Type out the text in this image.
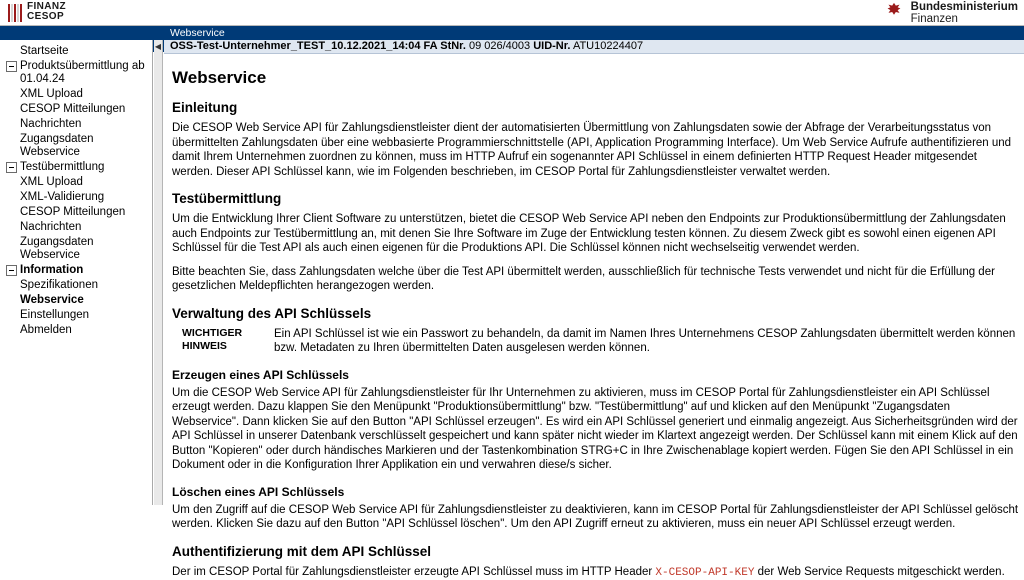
FINANZ
CESOP
Bundesministerium
Finanzen
Webservice
Startseite
Produktsübermittlung ab 01.04.24
XML Upload
CESOP Mitteilungen
Nachrichten
Zugangsdaten Webservice
Testübermittlung
XML Upload
XML-Validierung
CESOP Mitteilungen
Nachrichten
Zugangsdaten Webservice
Information
Spezifikationen
Webservice
Einstellungen
Abmelden
◀ OSS-Test-Unternehmer_TEST_10.12.2021_14:04 FA StNr. 09 026/4003 UID-Nr. ATU10224407
Webservice
Einleitung

Die CESOP Web Service API für Zahlungsdienstleister dient der automatisierten Übermittlung von Zahlungsdaten sowie der Abfrage der Verarbeitungsstatus von übermittelten Zahlungsdaten über eine webbasierte Programmierschnittstelle (API, Application Programming Interface). Um Web Service Aufrufe authentifizieren und damit Ihrem Unternehmen zuordnen zu können, muss im HTTP Aufruf ein sogenannter API Schlüssel in einem definierten HTTP Request Header mitgesendet werden. Dieser API Schlüssel kann, wie im Folgenden beschrieben, im CESOP Portal für Zahlungsdienstleister verwaltet werden.

Testübermittlung

Um die Entwicklung Ihrer Client Software zu unterstützen, bietet die CESOP Web Service API neben den Endpoints zur Produktionsübermittlung der Zahlungsdaten auch Endpoints zur Testübermittlung an, mit denen Sie Ihre Software im Zuge der Entwicklung testen können. Zu diesem Zweck gibt es sowohl einen eigenen API Schlüssel für die Test API als auch einen eigenen für die Produktions API. Die Schlüssel können nicht wechselseitig verwendet werden.

Bitte beachten Sie, dass Zahlungsdaten welche über die Test API übermittelt werden, ausschließlich für technische Tests verwendet und nicht für die Erfüllung der gesetzlichen Meldepflichten herangezogen werden.

Verwaltung des API Schlüssels
WICHTIGER HINWEIS
Ein API Schlüssel ist wie ein Passwort zu behandeln, da damit im Namen Ihres Unternehmens CESOP Zahlungsdaten übermittelt werden können bzw. Metadaten zu Ihren übermittelten Daten ausgelesen werden können.
Erzeugen eines API Schlüssels

Um die CESOP Web Service API für Zahlungsdienstleister für Ihr Unternehmen zu aktivieren, muss im CESOP Portal für Zahlungsdienstleister ein API Schlüssel erzeugt werden. Dazu klappen Sie den Menüpunkt "Produktionsübermittlung" bzw. "Testübermittlung" auf und klicken auf den Menüpunkt "Zugangsdaten Webservice". Dann klicken Sie auf den Button "API Schlüssel erzeugen". Es wird ein API Schlüssel generiert und einmalig angezeigt. Aus Sicherheitsgründen wird der API Schlüssel in unserer Datenbank verschlüsselt gespeichert und kann später nicht wieder im Klartext angezeigt werden. Der Schlüssel kann mit einem Klick auf den Button "Kopieren" oder durch händisches Markieren und der Tastenkombination STRG+C in Ihre Zwischenablage kopiert werden. Fügen Sie den API Schlüssel in ein Dokument oder in die Konfiguration Ihrer Applikation ein und verwahren diese/s sicher.

Löschen eines API Schlüssels

Um den Zugriff auf die CESOP Web Service API für Zahlungsdienstleister zu deaktivieren, kann im CESOP Portal für Zahlungsdienstleister der API Schlüssel gelöscht werden. Klicken Sie dazu auf den Button "API Schlüssel löschen". Um den API Zugriff erneut zu aktivieren, muss ein neuer API Schlüssel erzeugt werden.

Authentifizierung mit dem API Schlüssel

Der im CESOP Portal für Zahlungsdienstleister erzeugte API Schlüssel muss im HTTP Header X-CESOP-API-KEY der Web Service Requests mitgeschickt werden.
